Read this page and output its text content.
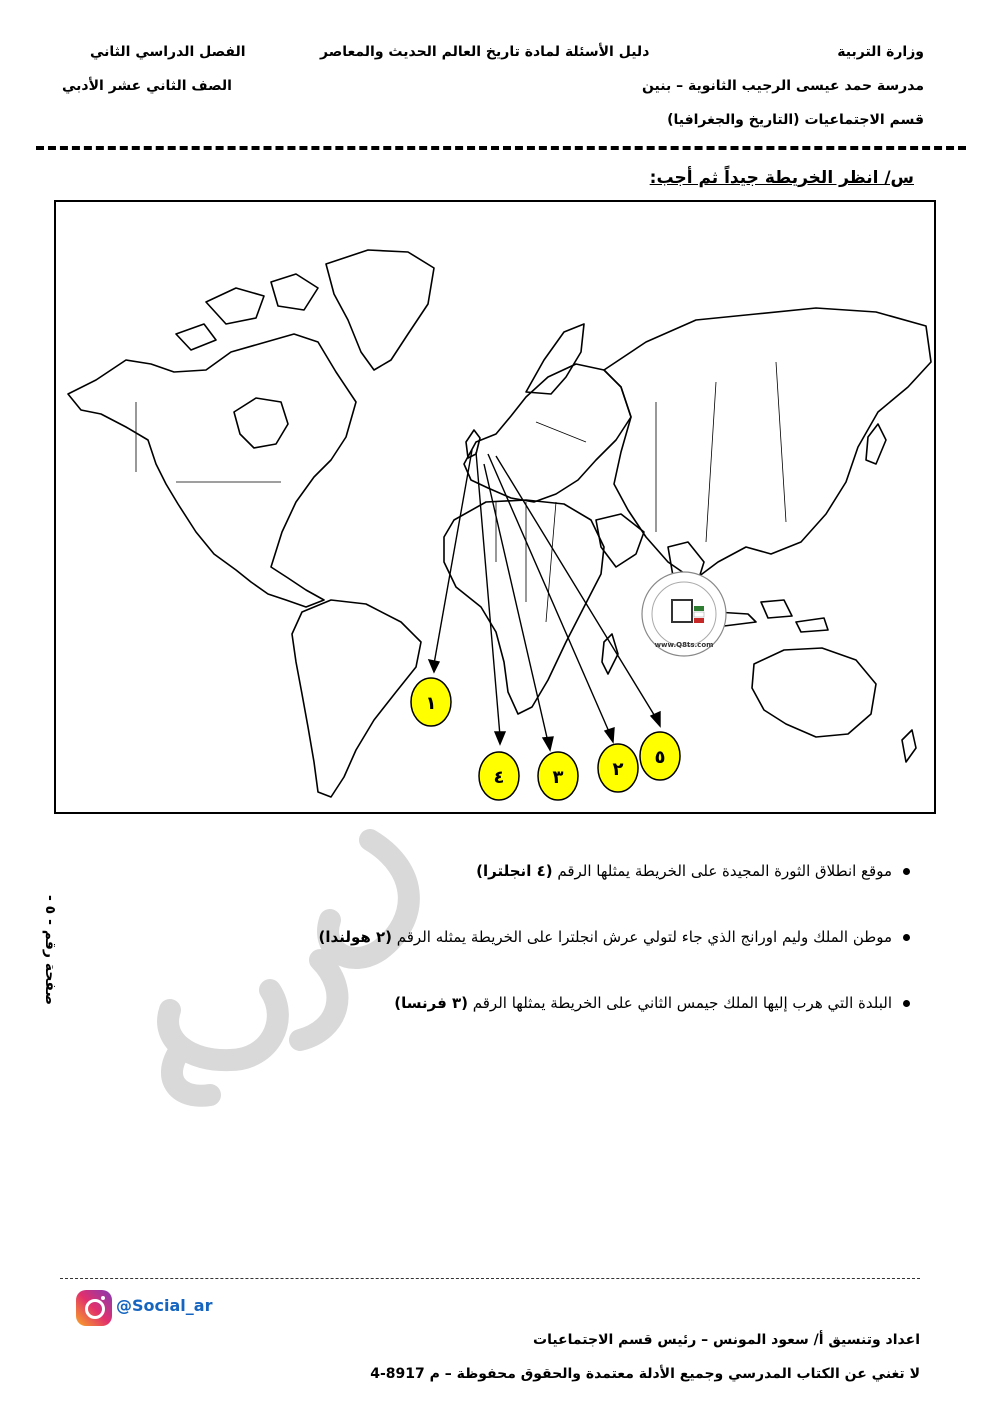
وزارة التربية
مدرسة حمد عيسى الرجيب الثانوية – بنين
قسم الاجتماعيات (التاريخ والجغرافيا)
دليل الأسئلة لمادة تاريخ العالم الحديث والمعاصر
الفصل الدراسي الثاني
الصف الثاني عشر الأدبي
س/ انظر الخريطة جيداً ثم أجب:
www.Q8ts.com
١
٤	٣	٢
٥
موقع انطلاق الثورة المجيدة على الخريطة يمثلها الرقم (٤ انجلترا)
موطن الملك وليم اورانج الذي جاء لتولي عرش انجلترا على الخريطة يمثله الرقم (٢ هولندا)
البلدة التي هرب إليها الملك جيمس الثاني على الخريطة يمثلها الرقم (٣ فرنسا)
صفحة رقم - ٥ -
@Social_ar
اعداد وتنسيق أ/ سعود المونس – رئيس قسم الاجتماعيات
لا تغني عن الكتاب المدرسي وجميع الأدلة معتمدة والحقوق محفوظة – م 8917-4
